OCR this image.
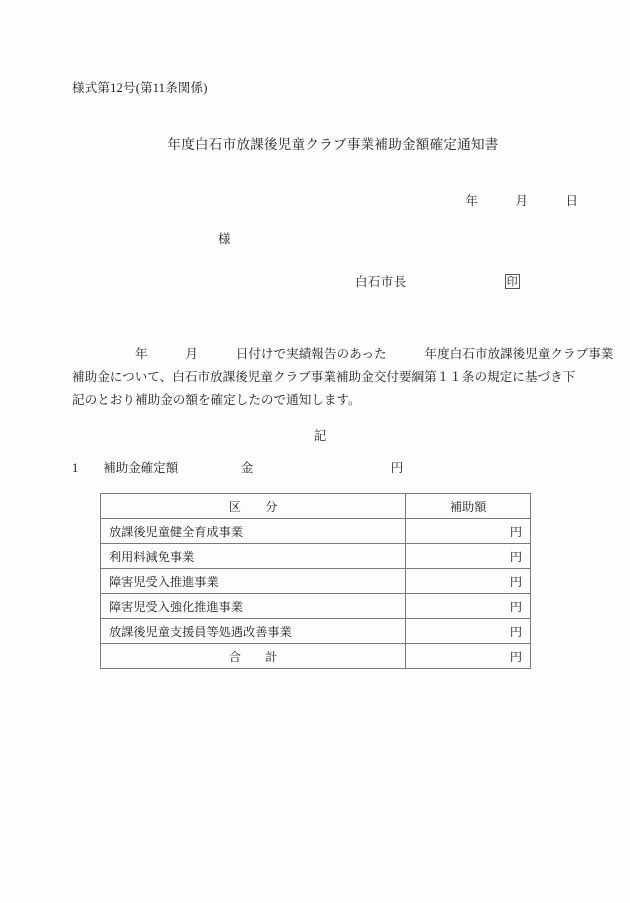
様式第12号(第11条関係)
年度白石市放課後児童クラブ事業補助金額確定通知書
年　　　月　　　日
様
白石市長	印
　　　　　年　　　月　　　日付けで実績報告のあった　　　年度白石市放課後児童クラブ事業
補助金について、白石市放課後児童クラブ事業補助金交付要綱第１１条の規定に基づき下
記のとおり補助金の額を確定したので通知します。
記
1　　補助金確定額　　　　　金　　　　　　　　　　　円
区　　分	補助額
放課後児童健全育成事業	円
利用料減免事業	円
障害児受入推進事業	円
障害児受入強化推進事業	円
放課後児童支援員等処遇改善事業	円
合　　計	円
